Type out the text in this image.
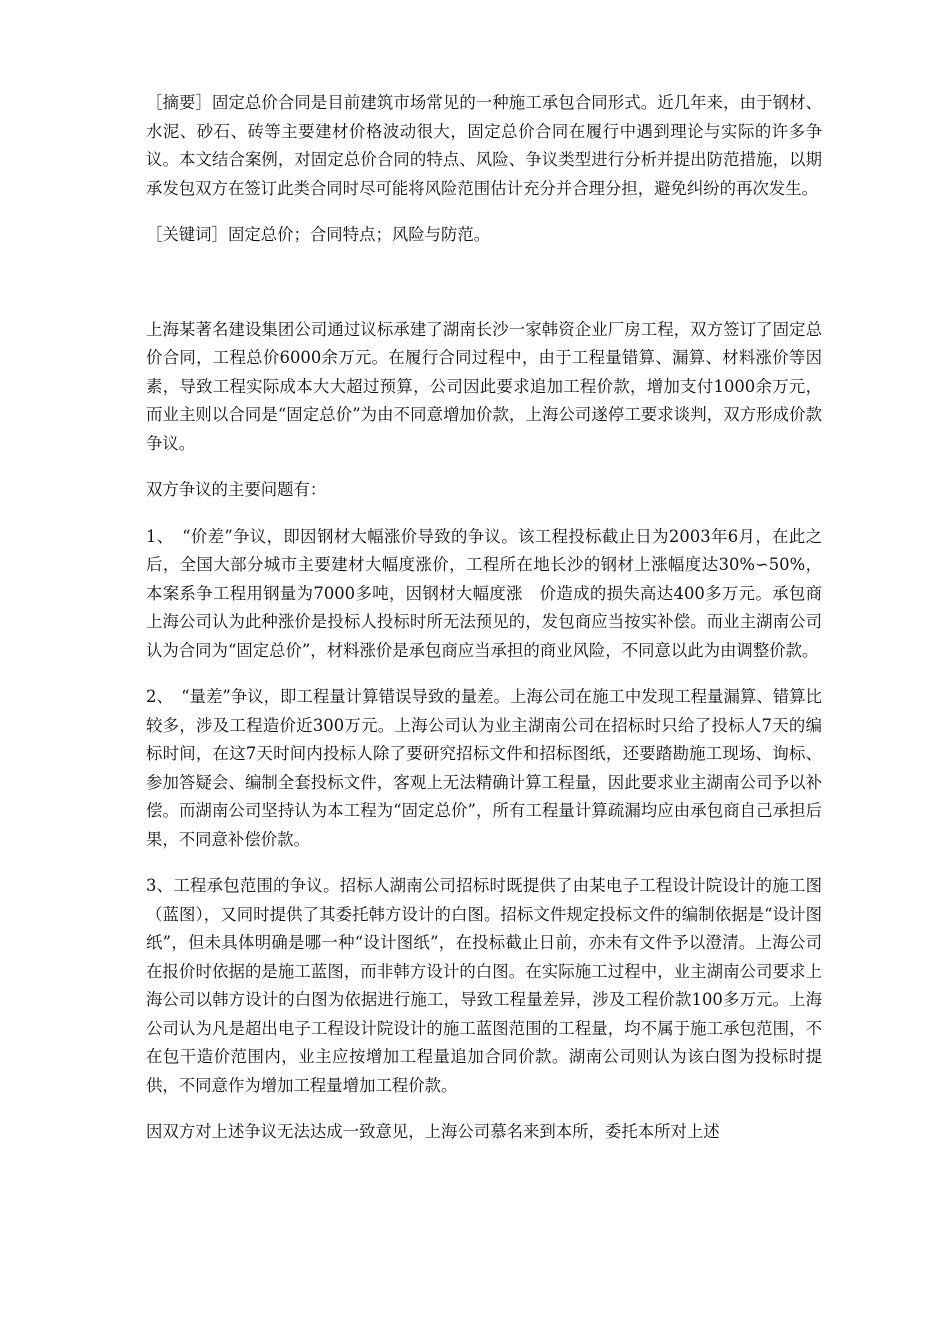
［摘要］固定总价合同是目前建筑市场常见的一种施工承包合同形式。近几年来，由于钢材、水泥、砂石、砖等主要建材价格波动很大，固定总价合同在履行中遇到理论与实际的许多争议。本文结合案例，对固定总价合同的特点、风险、争议类型进行分析并提出防范措施，以期承发包双方在签订此类合同时尽可能将风险范围估计充分并合理分担，避免纠纷的再次发生。

［关键词］固定总价；合同特点；风险与防范。

上海某著名建设集团公司通过议标承建了湖南长沙一家韩资企业厂房工程，双方签订了固定总价合同，工程总价6000余万元。在履行合同过程中，由于工程量错算、漏算、材料涨价等因素，导致工程实际成本大大超过预算，公司因此要求追加工程价款，增加支付1000余万元，而业主则以合同是“固定总价”为由不同意增加价款，上海公司遂停工要求谈判，双方形成价款争议。

双方争议的主要问题有：

1、　“价差”争议，即因钢材大幅涨价导致的争议。该工程投标截止日为2003年6月，在此之后，全国大部分城市主要建材大幅度涨价，工程所在地长沙的钢材上涨幅度达30%∽50%，本案系争工程用钢量为7000多吨，因钢材大幅度涨　价造成的损失高达400多万元。承包商上海公司认为此种涨价是投标人投标时所无法预见的，发包商应当按实补偿。而业主湖南公司认为合同为“固定总价”，材料涨价是承包商应当承担的商业风险，不同意以此为由调整价款。

2、　“量差”争议，即工程量计算错误导致的量差。上海公司在施工中发现工程量漏算、错算比较多，涉及工程造价近300万元。上海公司认为业主湖南公司在招标时只给了投标人7天的编标时间，在这7天时间内投标人除了要研究招标文件和招标图纸，还要踏勘施工现场、询标、参加答疑会、编制全套投标文件，客观上无法精确计算工程量，因此要求业主湖南公司予以补偿。而湖南公司坚持认为本工程为“固定总价”，所有工程量计算疏漏均应由承包商自己承担后果，不同意补偿价款。

3、工程承包范围的争议。招标人湖南公司招标时既提供了由某电子工程设计院设计的施工图（蓝图），又同时提供了其委托韩方设计的白图。招标文件规定投标文件的编制依据是“设计图纸”，但未具体明确是哪一种“设计图纸”，在投标截止日前，亦未有文件予以澄清。上海公司在报价时依据的是施工蓝图，而非韩方设计的白图。在实际施工过程中，业主湖南公司要求上海公司以韩方设计的白图为依据进行施工，导致工程量差异，涉及工程价款100多万元。上海公司认为凡是超出电子工程设计院设计的施工蓝图范围的工程量，均不属于施工承包范围，不在包干造价范围内，业主应按增加工程量追加合同价款。湖南公司则认为该白图为投标时提供，不同意作为增加工程量增加工程价款。

因双方对上述争议无法达成一致意见，上海公司慕名来到本所，委托本所对上述
